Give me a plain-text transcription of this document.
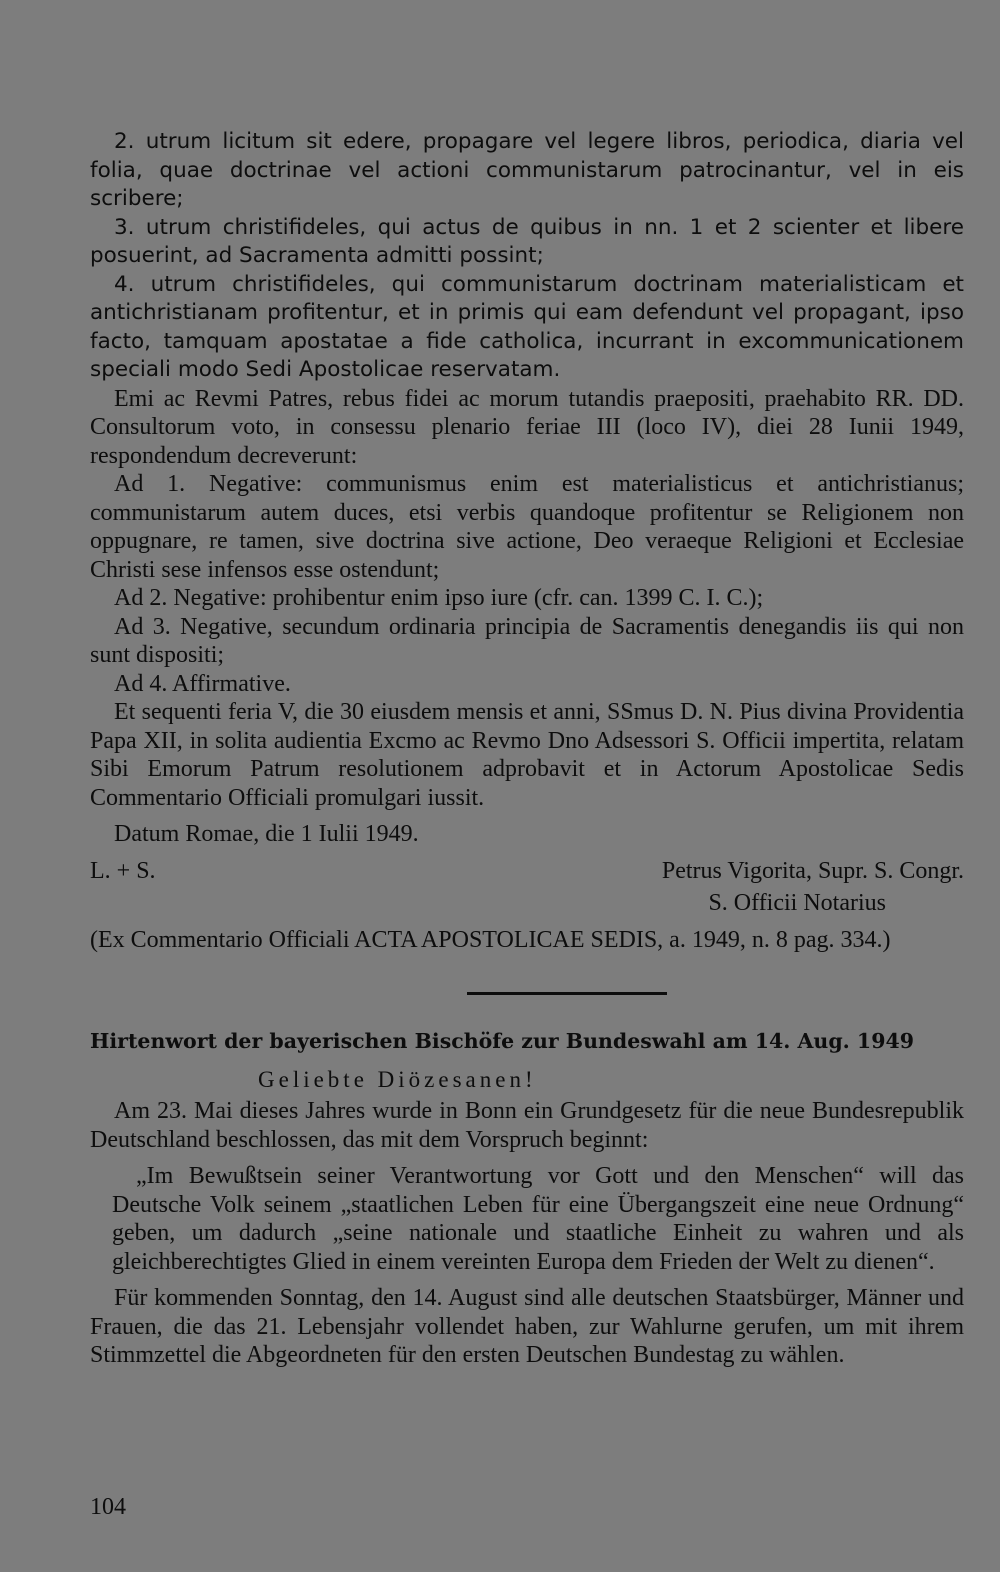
2. utrum licitum sit edere, propagare vel legere libros, periodica, diaria vel folia, quae doctrinae vel actioni communistarum patrocinantur, vel in eis scribere;

3. utrum christifideles, qui actus de quibus in nn. 1 et 2 scienter et libere posuerint, ad Sacramenta admitti possint;

4. utrum christifideles, qui communistarum doctrinam materialisticam et antichristianam profitentur, et in primis qui eam defendunt vel propagant, ipso facto, tamquam apostatae a fide catholica, incurrant in excommunicationem speciali modo Sedi Apostolicae reservatam.

Emi ac Revmi Patres, rebus fidei ac morum tutandis praepositi, praehabito RR. DD. Consultorum voto, in consessu plenario feriae III (loco IV), diei 28 Iunii 1949, respondendum decreverunt:

Ad 1. Negative: communismus enim est materialisticus et antichristianus; communistarum autem duces, etsi verbis quandoque profitentur se Religionem non oppugnare, re tamen, sive doctrina sive actione, Deo veraeque Religioni et Ecclesiae Christi sese infensos esse ostendunt;

Ad 2. Negative: prohibentur enim ipso iure (cfr. can. 1399 C. I. C.);

Ad 3. Negative, secundum ordinaria principia de Sacramentis denegandis iis qui non sunt dispositi;

Ad 4. Affirmative.

Et sequenti feria V, die 30 eiusdem mensis et anni, SSmus D. N. Pius divina Providentia Papa XII, in solita audientia Excmo ac Revmo Dno Adsessori S. Officii impertita, relatam Sibi Emorum Patrum resolutionem adprobavit et in Actorum Apostolicae Sedis Commentario Officiali promulgari iussit.

Datum Romae, die 1 Iulii 1949.

L. + S.	Petrus Vigorita, Supr. S. Congr.
S. Officii Notarius

(Ex Commentario Officiali ACTA APOSTOLICAE SEDIS, a. 1949, n. 8 pag. 334.)

Hirtenwort der bayerischen Bischöfe zur Bundeswahl am 14. Aug. 1949
Geliebte Diözesanen!

Am 23. Mai dieses Jahres wurde in Bonn ein Grundgesetz für die neue Bundesrepublik Deutschland beschlossen, das mit dem Vorspruch beginnt:

„Im Bewußtsein seiner Verantwortung vor Gott und den Menschen“ will das Deutsche Volk seinem „staatlichen Leben für eine Übergangszeit eine neue Ordnung“ geben, um dadurch „seine nationale und staatliche Einheit zu wahren und als gleichberechtigtes Glied in einem vereinten Europa dem Frieden der Welt zu dienen“.

Für kommenden Sonntag, den 14. August sind alle deutschen Staatsbürger, Männer und Frauen, die das 21. Lebensjahr vollendet haben, zur Wahlurne gerufen, um mit ihrem Stimmzettel die Abgeordneten für den ersten Deutschen Bundestag zu wählen.

104
